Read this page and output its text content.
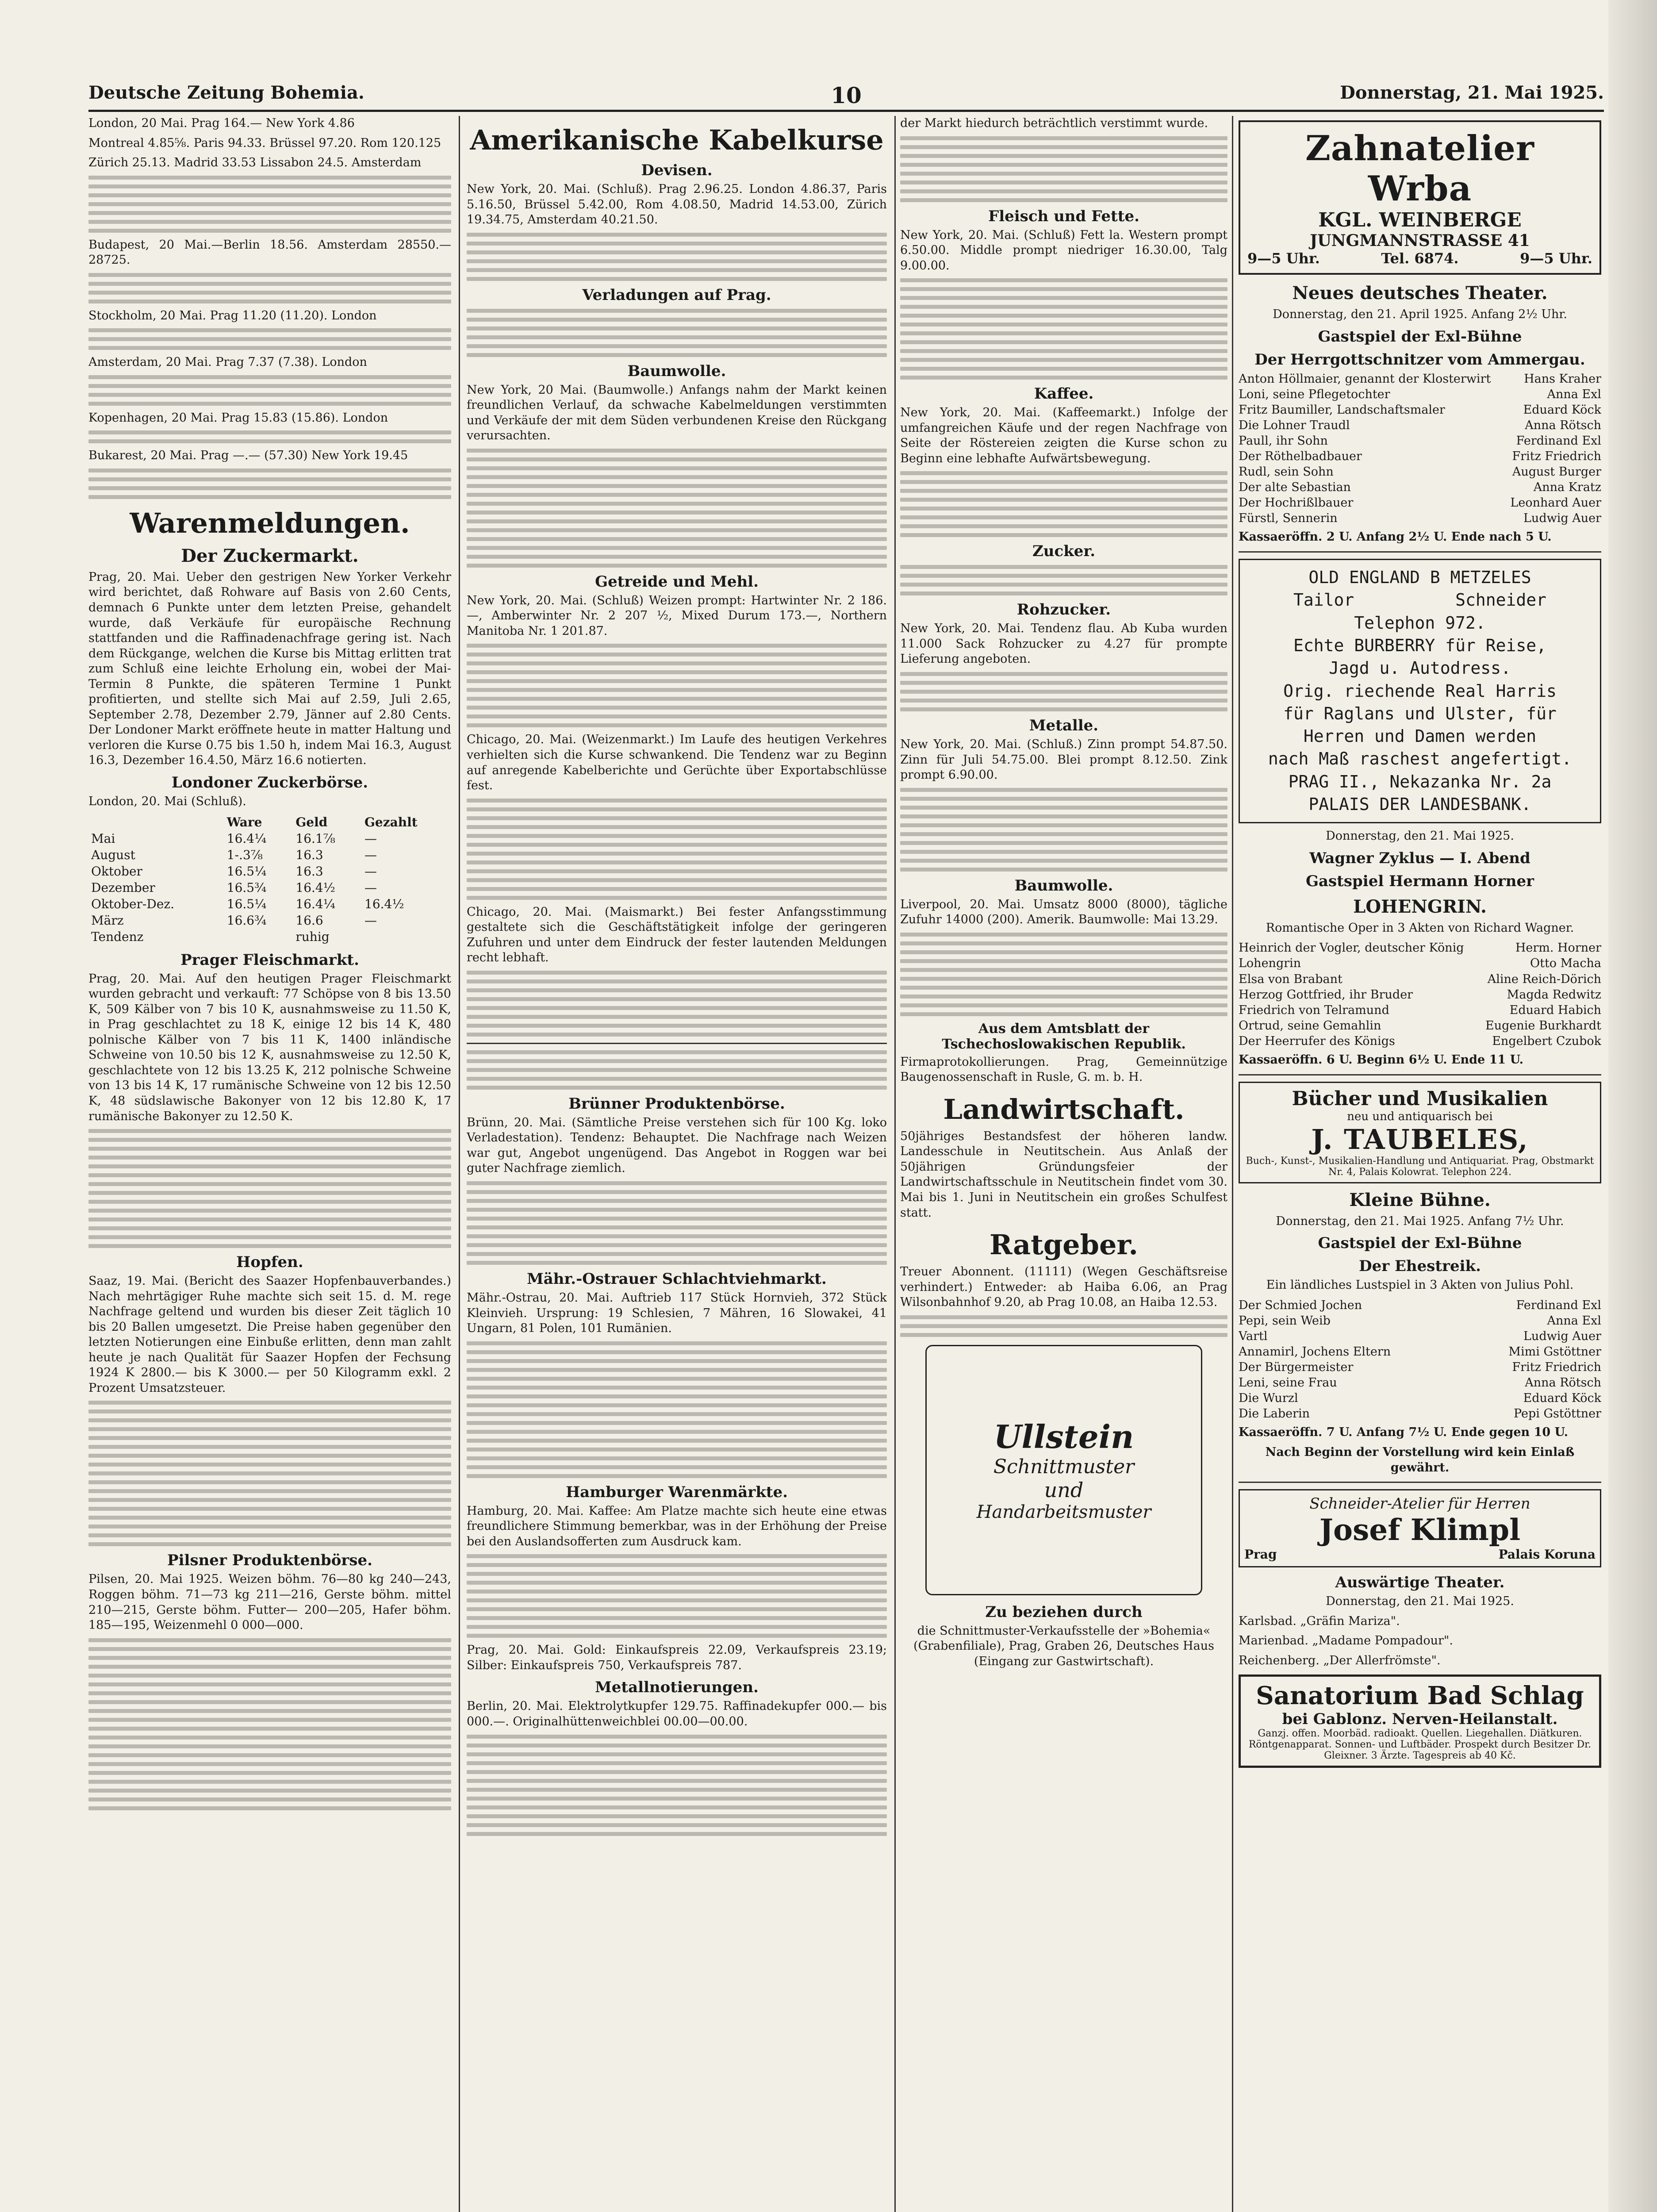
Deutsche Zeitung Bohemia.	10	Donnerstag, 21. Mai 1925.

London, 20 Mai. Prag 164.— New York 4.86

Montreal 4.85⅝. Paris 94.33. Brüssel 97.20. Rom 120.125

Zürich 25.13. Madrid 33.53 Lissabon 24.5. Amsterdam

Budapest, 20 Mai.—Berlin 18.56. Amsterdam 28550.—28725.

Stockholm, 20 Mai. Prag 11.20 (11.20). London

Amsterdam, 20 Mai. Prag 7.37 (7.38). London

Kopenhagen, 20 Mai. Prag 15.83 (15.86). London

Bukarest, 20 Mai. Prag —.— (57.30) New York 19.45

Warenmeldungen.
Der Zuckermarkt.

Prag, 20. Mai. Ueber den gestrigen New Yorker Verkehr wird berichtet, daß Rohware auf Basis von 2.60 Cents, demnach 6 Punkte unter dem letzten Preise, gehandelt wurde, daß Verkäufe für europäische Rechnung stattfanden und die Raffinadenachfrage gering ist. Nach dem Rückgange, welchen die Kurse bis Mittag erlitten trat zum Schluß eine leichte Erholung ein, wobei der Mai-Termin 8 Punkte, die späteren Termine 1 Punkt profitierten, und stellte sich Mai auf 2.59, Juli 2.65, September 2.78, Dezember 2.79, Jänner auf 2.80 Cents. Der Londoner Markt eröffnete heute in matter Haltung und verloren die Kurse 0.75 bis 1.50 h, indem Mai 16.3, August 16.3, Dezember 16.4.50, März 16.6 notierten.

Londoner Zuckerbörse.

London, 20. Mai (Schluß).

	Ware	Geld	Gezahlt
Mai	16.4¼	16.1⅞	—
August	1-.3⅞	16.3	—
Oktober	16.5¼	16.3	—
Dezember	16.5¾	16.4½	—
Oktober-Dez.	16.5¼	16.4¼	16.4½
März	16.6¾	16.6	—
Tendenz		ruhig	
Prager Fleischmarkt.

Prag, 20. Mai. Auf den heutigen Prager Fleischmarkt wurden gebracht und verkauft: 77 Schöpse von 8 bis 13.50 K, 509 Kälber von 7 bis 10 K, ausnahmsweise zu 11.50 K, in Prag geschlachtet zu 18 K, einige 12 bis 14 K, 480 polnische Kälber von 7 bis 11 K, 1400 inländische Schweine von 10.50 bis 12 K, ausnahmsweise zu 12.50 K, geschlachtete von 12 bis 13.25 K, 212 polnische Schweine von 13 bis 14 K, 17 rumänische Schweine von 12 bis 12.50 K, 48 südslawische Bakonyer von 12 bis 12.80 K, 17 rumänische Bakonyer zu 12.50 K.

Hopfen.

Saaz, 19. Mai. (Bericht des Saazer Hopfenbauverbandes.) Nach mehrtägiger Ruhe machte sich seit 15. d. M. rege Nachfrage geltend und wurden bis dieser Zeit täglich 10 bis 20 Ballen umgesetzt. Die Preise haben gegenüber den letzten Notierungen eine Einbuße erlitten, denn man zahlt heute je nach Qualität für Saazer Hopfen der Fechsung 1924 K 2800.— bis K 3000.— per 50 Kilogramm exkl. 2 Prozent Umsatzsteuer.

Pilsner Produktenbörse.

Pilsen, 20. Mai 1925. Weizen böhm. 76—80 kg 240—243, Roggen böhm. 71—73 kg 211—216, Gerste böhm. mittel 210—215, Gerste böhm. Futter— 200—205, Hafer böhm. 185—195, Weizenmehl 0 000—000.

Amerikanische Kabelkurse
Devisen.

New York, 20. Mai. (Schluß). Prag 2.96.25. London 4.86.37, Paris 5.16.50, Brüssel 5.42.00, Rom 4.08.50, Madrid 14.53.00, Zürich 19.34.75, Amsterdam 40.21.50.

Verladungen auf Prag.
Baumwolle.

New York, 20 Mai. (Baumwolle.) Anfangs nahm der Markt keinen freundlichen Verlauf, da schwache Kabelmeldungen verstimmten und Verkäufe der mit dem Süden verbundenen Kreise den Rückgang verursachten.

Getreide und Mehl.

New York, 20. Mai. (Schluß) Weizen prompt: Hartwinter Nr. 2 186.—, Amberwinter Nr. 2 207 ½, Mixed Durum 173.—, Northern Manitoba Nr. 1 201.87.

Chicago, 20. Mai. (Weizenmarkt.) Im Laufe des heutigen Verkehres verhielten sich die Kurse schwankend. Die Tendenz war zu Beginn auf anregende Kabelberichte und Gerüchte über Exportabschlüsse fest.

Chicago, 20. Mai. (Maismarkt.) Bei fester Anfangsstimmung gestaltete sich die Geschäftstätigkeit infolge der geringeren Zufuhren und unter dem Eindruck der fester lautenden Meldungen recht lebhaft.

Brünner Produktenbörse.

Brünn, 20. Mai. (Sämtliche Preise verstehen sich für 100 Kg. loko Verladestation). Tendenz: Behauptet. Die Nachfrage nach Weizen war gut, Angebot ungenügend. Das Angebot in Roggen war bei guter Nachfrage ziemlich.

Mähr.-Ostrauer Schlachtviehmarkt.

Mähr.-Ostrau, 20. Mai. Auftrieb 117 Stück Hornvieh, 372 Stück Kleinvieh. Ursprung: 19 Schlesien, 7 Mähren, 16 Slowakei, 41 Ungarn, 81 Polen, 101 Rumänien.

Hamburger Warenmärkte.

Hamburg, 20. Mai. Kaffee: Am Platze machte sich heute eine etwas freundlichere Stimmung bemerkbar, was in der Erhöhung der Preise bei den Auslandsofferten zum Ausdruck kam.

Prag, 20. Mai. Gold: Einkaufspreis 22.09, Verkaufspreis 23.19; Silber: Einkaufspreis 750, Verkaufspreis 787.

Metallnotierungen.

Berlin, 20. Mai. Elektrolytkupfer 129.75. Raffinadekupfer 000.— bis 000.—. Originalhüttenweichblei 00.00—00.00.

der Markt hiedurch beträchtlich verstimmt wurde.

Fleisch und Fette.

New York, 20. Mai. (Schluß) Fett la. Western prompt 6.50.00. Middle prompt niedriger 16.30.00, Talg 9.00.00.

Kaffee.

New York, 20. Mai. (Kaffeemarkt.) Infolge der umfangreichen Käufe und der regen Nachfrage von Seite der Röstereien zeigten die Kurse schon zu Beginn eine lebhafte Aufwärtsbewegung.

Zucker.
Rohzucker.

New York, 20. Mai. Tendenz flau. Ab Kuba wurden 11.000 Sack Rohzucker zu 4.27 für prompte Lieferung angeboten.

Metalle.

New York, 20. Mai. (Schluß.) Zinn prompt 54.87.50. Zinn für Juli 54.75.00. Blei prompt 8.12.50. Zink prompt 6.90.00.

Baumwolle.

Liverpool, 20. Mai. Umsatz 8000 (8000), tägliche Zufuhr 14000 (200). Amerik. Baumwolle: Mai 13.29.

Aus dem Amtsblatt der Tschechoslowakischen Republik.

Firmaprotokollierungen. Prag, Gemeinnützige Baugenossenschaft in Rusle, G. m. b. H.

Landwirtschaft.

50jähriges Bestandsfest der höheren landw. Landesschule in Neutitschein. Aus Anlaß der 50jährigen Gründungsfeier der Landwirtschaftsschule in Neutitschein findet vom 30. Mai bis 1. Juni in Neutitschein ein großes Schulfest statt.

Ratgeber.

Treuer Abonnent. (11111) (Wegen Geschäftsreise verhindert.) Entweder: ab Haiba 6.06, an Prag Wilsonbahnhof 9.20, ab Prag 10.08, an Haiba 12.53.

Ullstein
Schnittmuster
und
Handarbeitsmuster
Zu beziehen durch

die Schnittmuster-Verkaufsstelle der »Bohemia« (Grabenfiliale), Prag, Graben 26, Deutsches Haus (Eingang zur Gastwirtschaft).

Zahnatelier Wrba
KGL. WEINBERGE
JUNGMANNSTRASSE 41
9—5 Uhr.	Tel. 6874.	9—5 Uhr.
Neues deutsches Theater.

Donnerstag, den 21. April 1925. Anfang 2½ Uhr.

Gastspiel der Exl-Bühne
Der Herrgottschnitzer vom Ammergau.
Anton Höllmaier, genannt der Klosterwirt	Hans Kraher
Loni, seine Pflegetochter	Anna Exl
Fritz Baumiller, Landschaftsmaler	Eduard Köck
Die Lohner Traudl	Anna Rötsch
Paull, ihr Sohn	Ferdinand Exl
Der Röthelbadbauer	Fritz Friedrich
Rudl, sein Sohn	August Burger
Der alte Sebastian	Anna Kratz
Der Hochrißlbauer	Leonhard Auer
Fürstl, Sennerin	Ludwig Auer

Kassaeröffn. 2 U. Anfang 2½ U. Ende nach 5 U.

OLD ENGLAND B METZELES
Tailor          Schneider
Telephon 972.
Echte BURBERRY für Reise,
Jagd u. Autodress.
Orig. riechende Real Harris
für Raglans und Ulster, für
Herren und Damen werden
nach Maß raschest angefertigt.
PRAG II., Nekazanka Nr. 2a
PALAIS DER LANDESBANK.

Donnerstag, den 21. Mai 1925.

Wagner Zyklus — I. Abend
Gastspiel Hermann Horner
LOHENGRIN.

Romantische Oper in 3 Akten von Richard Wagner.

Heinrich der Vogler, deutscher König	Herm. Horner
Lohengrin	Otto Macha
Elsa von Brabant	Aline Reich-Dörich
Herzog Gottfried, ihr Bruder	Magda Redwitz
Friedrich von Telramund	Eduard Habich
Ortrud, seine Gemahlin	Eugenie Burkhardt
Der Heerrufer des Königs	Engelbert Czubok

Kassaeröffn. 6 U. Beginn 6½ U. Ende 11 U.

Bücher und Musikalien
neu und antiquarisch bei
J. TAUBELES,
Buch-, Kunst-, Musikalien-Handlung und Antiquariat. Prag, Obstmarkt Nr. 4, Palais Kolowrat. Telephon 224.
Kleine Bühne.

Donnerstag, den 21. Mai 1925. Anfang 7½ Uhr.

Gastspiel der Exl-Bühne
Der Ehestreik.

Ein ländliches Lustspiel in 3 Akten von Julius Pohl.

Der Schmied Jochen	Ferdinand Exl
Pepi, sein Weib	Anna Exl
Vartl	Ludwig Auer
Annamirl, Jochens Eltern	Mimi Gstöttner
Der Bürgermeister	Fritz Friedrich
Leni, seine Frau	Anna Rötsch
Die Wurzl	Eduard Köck
Die Laberin	Pepi Gstöttner

Kassaeröffn. 7 U. Anfang 7½ U. Ende gegen 10 U.

Nach Beginn der Vorstellung wird kein Einlaß gewährt.

Schneider-Atelier für Herren
Josef Klimpl
Prag	Palais Koruna
Auswärtige Theater.

Donnerstag, den 21. Mai 1925.

Karlsbad. „Gräfin Mariza".

Marienbad. „Madame Pompadour".

Reichenberg. „Der Allerfrömste".

Sanatorium Bad Schlag
bei Gablonz. Nerven-Heilanstalt.
Ganzj. offen. Moorbäd. radioakt. Quellen. Liegehallen. Diätkuren. Röntgenapparat. Sonnen- und Luftbäder. Prospekt durch Besitzer Dr. Gleixner. 3 Ärzte. Tagespreis ab 40 Kč.
